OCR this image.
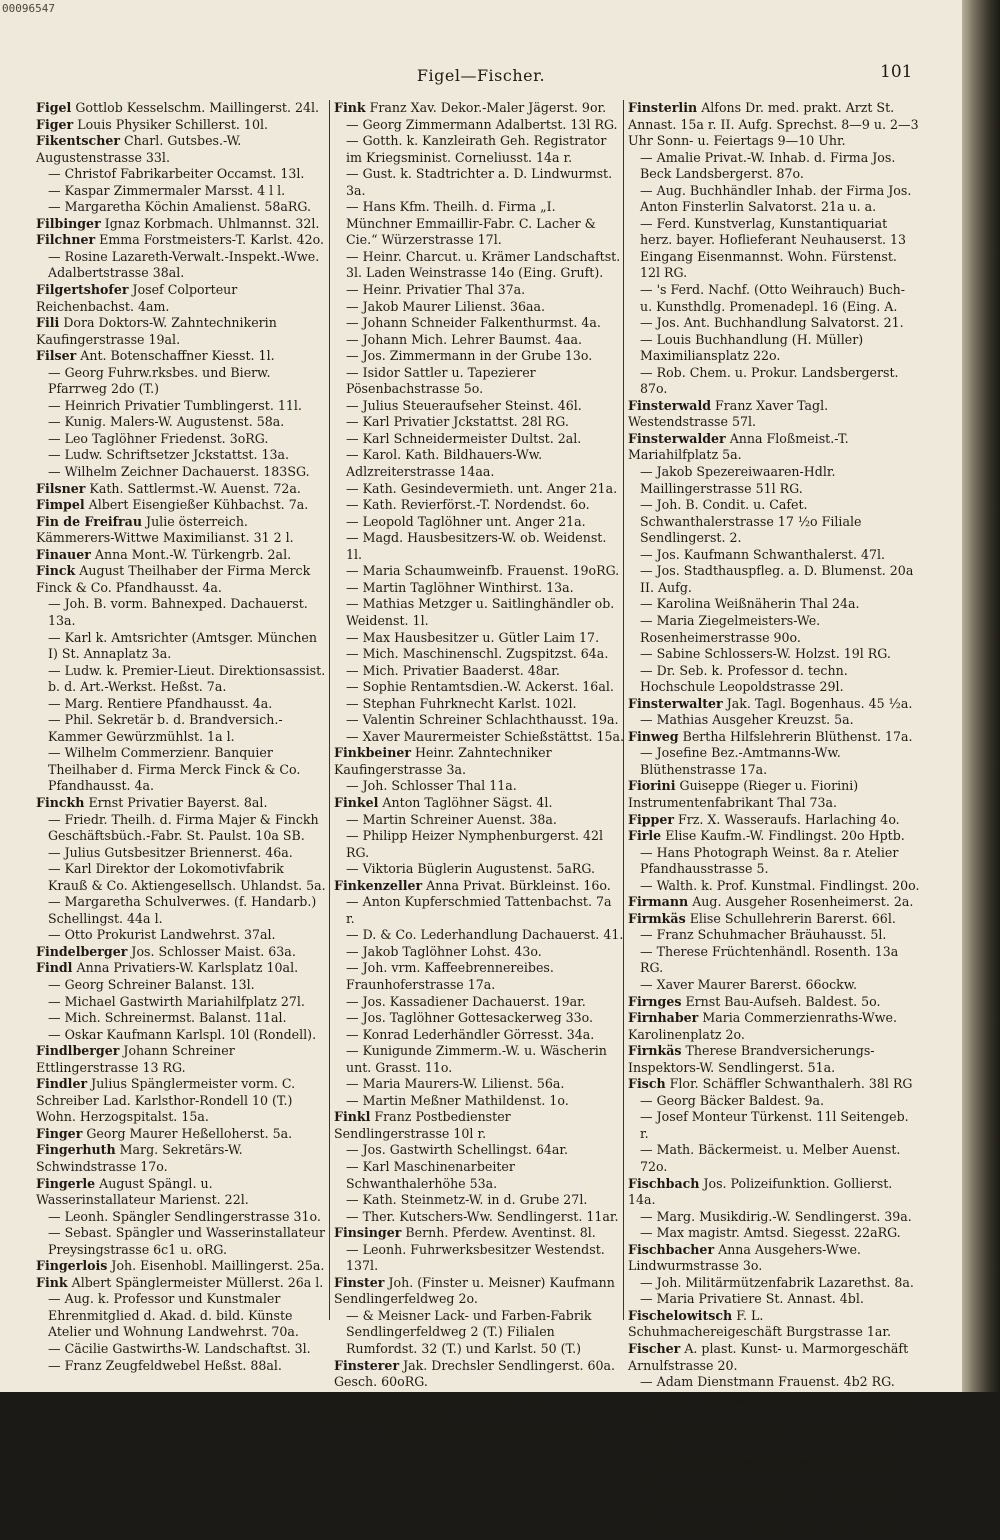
00096547
Figel—Fischer.	101

Figel Gottlob Kesselschm. Maillingerst. 24l.

Figer Louis Physiker Schillerst. 10l.

Fikentscher Charl. Gutsbes.-W. Augustenstrasse 33l.

— Christof Fabrikarbeiter Occamst. 13l.

— Kaspar Zimmermaler Marsst. 4 l l.

— Margaretha Köchin Amalienst. 58aRG.

Filbinger Ignaz Korbmach. Uhlmannst. 32l.

Filchner Emma Forstmeisters-T. Karlst. 42o.

— Rosine Lazareth-Verwalt.-Inspekt.-Wwe. Adalbertstrasse 38al.

Filgertshofer Josef Colporteur Reichenbachst. 4am.

Fili Dora Doktors-W. Zahntechnikerin Kaufingerstrasse 19al.

Filser Ant. Botenschaffner Kiesst. 1l.

— Georg Fuhrw.rksbes. und Bierw. Pfarrweg 2do (T.)

— Heinrich Privatier Tumblingerst. 11l.

— Kunig. Malers-W. Augustenst. 58a.

— Leo Taglöhner Friedenst. 3oRG.

— Ludw. Schriftsetzer Jckstattst. 13a.

— Wilhelm Zeichner Dachauerst. 183SG.

Filsner Kath. Sattlermst.-W. Auenst. 72a.

Fimpel Albert Eisengießer Kühbachst. 7a.

Fin de Freifrau Julie österreich. Kämmerers-Wittwe Maximilianst. 31 2 l.

Finauer Anna Mont.-W. Türkengrb. 2al.

Finck August Theilhaber der Firma Merck Finck & Co. Pfandhausst. 4a.

— Joh. B. vorm. Bahnexped. Dachauerst. 13a.

— Karl k. Amtsrichter (Amtsger. München I) St. Annaplatz 3a.

— Ludw. k. Premier-Lieut. Direktionsassist. b. d. Art.-Werkst. Heßst. 7a.

— Marg. Rentiere Pfandhausst. 4a.

— Phil. Sekretär b. d. Brandversich.-Kammer Gewürzmühlst. 1a l.

— Wilhelm Commerzienr. Banquier Theilhaber d. Firma Merck Finck & Co. Pfandhausst. 4a.

Finckh Ernst Privatier Bayerst. 8al.

— Friedr. Theilh. d. Firma Majer & Finckh Geschäftsbüch.-Fabr. St. Paulst. 10a SB.

— Julius Gutsbesitzer Briennerst. 46a.

— Karl Direktor der Lokomotivfabrik Krauß & Co. Aktiengesellsch. Uhlandst. 5a.

— Margaretha Schulverwes. (f. Handarb.) Schellingst. 44a l.

— Otto Prokurist Landwehrst. 37al.

Findelberger Jos. Schlosser Maist. 63a.

Findl Anna Privatiers-W. Karlsplatz 10al.

— Georg Schreiner Balanst. 13l.

— Michael Gastwirth Mariahilfplatz 27l.

— Mich. Schreinermst. Balanst. 11al.

— Oskar Kaufmann Karlspl. 10l (Rondell).

Findlberger Johann Schreiner Ettlingerstrasse 13 RG.

Findler Julius Spänglermeister vorm. C. Schreiber Lad. Karlsthor-Rondell 10 (T.) Wohn. Herzogspitalst. 15a.

Finger Georg Maurer Heßelloherst. 5a.

Fingerhuth Marg. Sekretärs-W. Schwindstrasse 17o.

Fingerle August Spängl. u. Wasserinstallateur Marienst. 22l.

— Leonh. Spängler Sendlingerstrasse 31o.

— Sebast. Spängler und Wasserinstallateur Preysingstrasse 6c1 u. oRG.

Fingerlois Joh. Eisenhobl. Maillingerst. 25a.

Fink Albert Spänglermeister Müllerst. 26a l.

— Aug. k. Professor und Kunstmaler Ehrenmitglied d. Akad. d. bild. Künste Atelier und Wohnung Landwehrst. 70a.

— Cäcilie Gastwirths-W. Landschaftst. 3l.

— Franz Zeugfeldwebel Heßst. 88al.

Fink Franz Xav. Dekor.-Maler Jägerst. 9or.

— Georg Zimmermann Adalbertst. 13l RG.

— Gotth. k. Kanzleirath Geh. Registrator im Kriegsminist. Corneliusst. 14a r.

— Gust. k. Stadtrichter a. D. Lindwurmst. 3a.

— Hans Kfm. Theilh. d. Firma „I. Münchner Emmaillir-Fabr. C. Lacher & Cie.“ Würzerstrasse 17l.

— Heinr. Charcut. u. Krämer Landschaftst. 3l. Laden Weinstrasse 14o (Eing. Gruft).

— Heinr. Privatier Thal 37a.

— Jakob Maurer Lilienst. 36aa.

— Johann Schneider Falkenthurmst. 4a.

— Johann Mich. Lehrer Baumst. 4aa.

— Jos. Zimmermann in der Grube 13o.

— Isidor Sattler u. Tapezierer Pösenbachstrasse 5o.

— Julius Steueraufseher Steinst. 46l.

— Karl Privatier Jckstattst. 28l RG.

— Karl Schneidermeister Dultst. 2al.

— Karol. Kath. Bildhauers-Ww. Adlzreiterstrasse 14aa.

— Kath. Gesindevermieth. unt. Anger 21a.

— Kath. Revierförst.-T. Nordendst. 6o.

— Leopold Taglöhner unt. Anger 21a.

— Magd. Hausbesitzers-W. ob. Weidenst. 1l.

— Maria Schaumweinfb. Frauenst. 19oRG.

— Martin Taglöhner Winthirst. 13a.

— Mathias Metzger u. Saitlinghändler ob. Weidenst. 1l.

— Max Hausbesitzer u. Gütler Laim 17.

— Mich. Maschinenschl. Zugspitzst. 64a.

— Mich. Privatier Baaderst. 48ar.

— Sophie Rentamtsdien.-W. Ackerst. 16al.

— Stephan Fuhrknecht Karlst. 102l.

— Valentin Schreiner Schlachthausst. 19a.

— Xaver Maurermeister Schießstättst. 15a.

Finkbeiner Heinr. Zahntechniker Kaufingerstrasse 3a.

— Joh. Schlosser Thal 11a.

Finkel Anton Taglöhner Sägst. 4l.

— Martin Schreiner Auenst. 38a.

— Philipp Heizer Nymphenburgerst. 42l RG.

— Viktoria Büglerin Augustenst. 5aRG.

Finkenzeller Anna Privat. Bürkleinst. 16o.

— Anton Kupferschmied Tattenbachst. 7a r.

— D. & Co. Lederhandlung Dachauerst. 41.

— Jakob Taglöhner Lohst. 43o.

— Joh. vrm. Kaffeebrennereibes. Fraunhoferstrasse 17a.

— Jos. Kassadiener Dachauerst. 19ar.

— Jos. Taglöhner Gottesackerweg 33o.

— Konrad Lederhändler Görresst. 34a.

— Kunigunde Zimmerm.-W. u. Wäscherin unt. Grasst. 11o.

— Maria Maurers-W. Lilienst. 56a.

— Martin Meßner Mathildenst. 1o.

Finkl Franz Postbedienster Sendlingerstrasse 10l r.

— Jos. Gastwirth Schellingst. 64ar.

— Karl Maschinenarbeiter Schwanthalerhöhe 53a.

— Kath. Steinmetz-W. in d. Grube 27l.

— Ther. Kutschers-Ww. Sendlingerst. 11ar.

Finsinger Bernh. Pferdew. Aventinst. 8l.

— Leonh. Fuhrwerksbesitzer Westendst. 137l.

Finster Joh. (Finster u. Meisner) Kaufmann Sendlingerfeldweg 2o.

— & Meisner Lack- und Farben-Fabrik Sendlingerfeldweg 2 (T.) Filialen Rumfordst. 32 (T.) und Karlst. 50 (T.)

Finsterer Jak. Drechsler Sendlingerst. 60a. Gesch. 60oRG.

Finster-Urfarn Hedwig von Priv. Finkenstrasse 4l.

—„— Theresev. Privatiere Finkenst. 4al.

Finsterlin Alfons Dr. med. prakt. Arzt St. Annast. 15a r. II. Aufg. Sprechst. 8—9 u. 2—3 Uhr Sonn- u. Feiertags 9—10 Uhr.

— Amalie Privat.-W. Inhab. d. Firma Jos. Beck Landsbergerst. 87o.

— Aug. Buchhändler Inhab. der Firma Jos. Anton Finsterlin Salvatorst. 21a u. a.

— Ferd. Kunstverlag, Kunstantiquariat herz. bayer. Hoflieferant Neuhauserst. 13 Eingang Eisenmannst. Wohn. Fürstenst. 12l RG.

— 's Ferd. Nachf. (Otto Weihrauch) Buch- u. Kunsthdlg. Promenadepl. 16 (Eing. A.

— Jos. Ant. Buchhandlung Salvatorst. 21.

— Louis Buchhandlung (H. Müller) Maximiliansplatz 22o.

— Rob. Chem. u. Prokur. Landsbergerst. 87o.

Finsterwald Franz Xaver Tagl. Westendstrasse 57l.

Finsterwalder Anna Floßmeist.-T. Mariahilfplatz 5a.

— Jakob Spezereiwaaren-Hdlr. Maillingerstrasse 51l RG.

— Joh. B. Condit. u. Cafet. Schwanthalerstrasse 17 ½o Filiale Sendlingerst. 2.

— Jos. Kaufmann Schwanthalerst. 47l.

— Jos. Stadthauspfleg. a. D. Blumenst. 20a II. Aufg.

— Karolina Weißnäherin Thal 24a.

— Maria Ziegelmeisters-We. Rosenheimerstrasse 90o.

— Sabine Schlossers-W. Holzst. 19l RG.

— Dr. Seb. k. Professor d. techn. Hochschule Leopoldstrasse 29l.

Finsterwalter Jak. Tagl. Bogenhaus. 45 ½a.

— Mathias Ausgeher Kreuzst. 5a.

Finweg Bertha Hilfslehrerin Blüthenst. 17a.

— Josefine Bez.-Amtmanns-Ww. Blüthenstrasse 17a.

Fiorini Guiseppe (Rieger u. Fiorini) Instrumentenfabrikant Thal 73a.

Fipper Frz. X. Wasseraufs. Harlaching 4o.

Firle Elise Kaufm.-W. Findlingst. 20o Hptb.

— Hans Photograph Weinst. 8a r. Atelier Pfandhausstrasse 5.

— Walth. k. Prof. Kunstmal. Findlingst. 20o.

Firmann Aug. Ausgeher Rosenheimerst. 2a.

Firmkäs Elise Schullehrerin Barerst. 66l.

— Franz Schuhmacher Bräuhausst. 5l.

— Therese Früchtenhändl. Rosenth. 13a RG.

— Xaver Maurer Barerst. 66ockw.

Firnges Ernst Bau-Aufseh. Baldest. 5o.

Firnhaber Maria Commerzienraths-Wwe. Karolinenplatz 2o.

Firnkäs Therese Brandversicherungs-Inspektors-W. Sendlingerst. 51a.

Fisch Flor. Schäffler Schwanthalerh. 38l RG

— Georg Bäcker Baldest. 9a.

— Josef Monteur Türkenst. 11l Seitengeb. r.

— Math. Bäckermeist. u. Melber Auenst. 72o.

Fischbach Jos. Polizeifunktion. Gollierst. 14a.

— Marg. Musikdirig.-W. Sendlingerst. 39a.

— Max magistr. Amtsd. Siegesst. 22aRG.

Fischbacher Anna Ausgehers-Wwe. Lindwurmstrasse 3o.

— Joh. Militärmützenfabrik Lazarethst. 8a.

— Maria Privatiere St. Annast. 4bl.

Fischelowitsch F. L. Schuhmachereigeschäft Burgstrasse 1ar.

Fischer A. plast. Kunst- u. Marmorgeschäft Arnulfstrasse 20.

— Adam Dienstmann Frauenst. 4b2 RG.

— Adam Handschuhm. Oberkaiblmühlweg 4a.

— Adolf k. Hauptm. a. D. Adelgundenst. 29a.

— Adolf Hufschmidm. Tegernseerlandst. 94l.

— Adolf Landschaftsmal. Theresienhöhe 20l.

— Adolf Privatier Kaulbachstrasse 12a.
